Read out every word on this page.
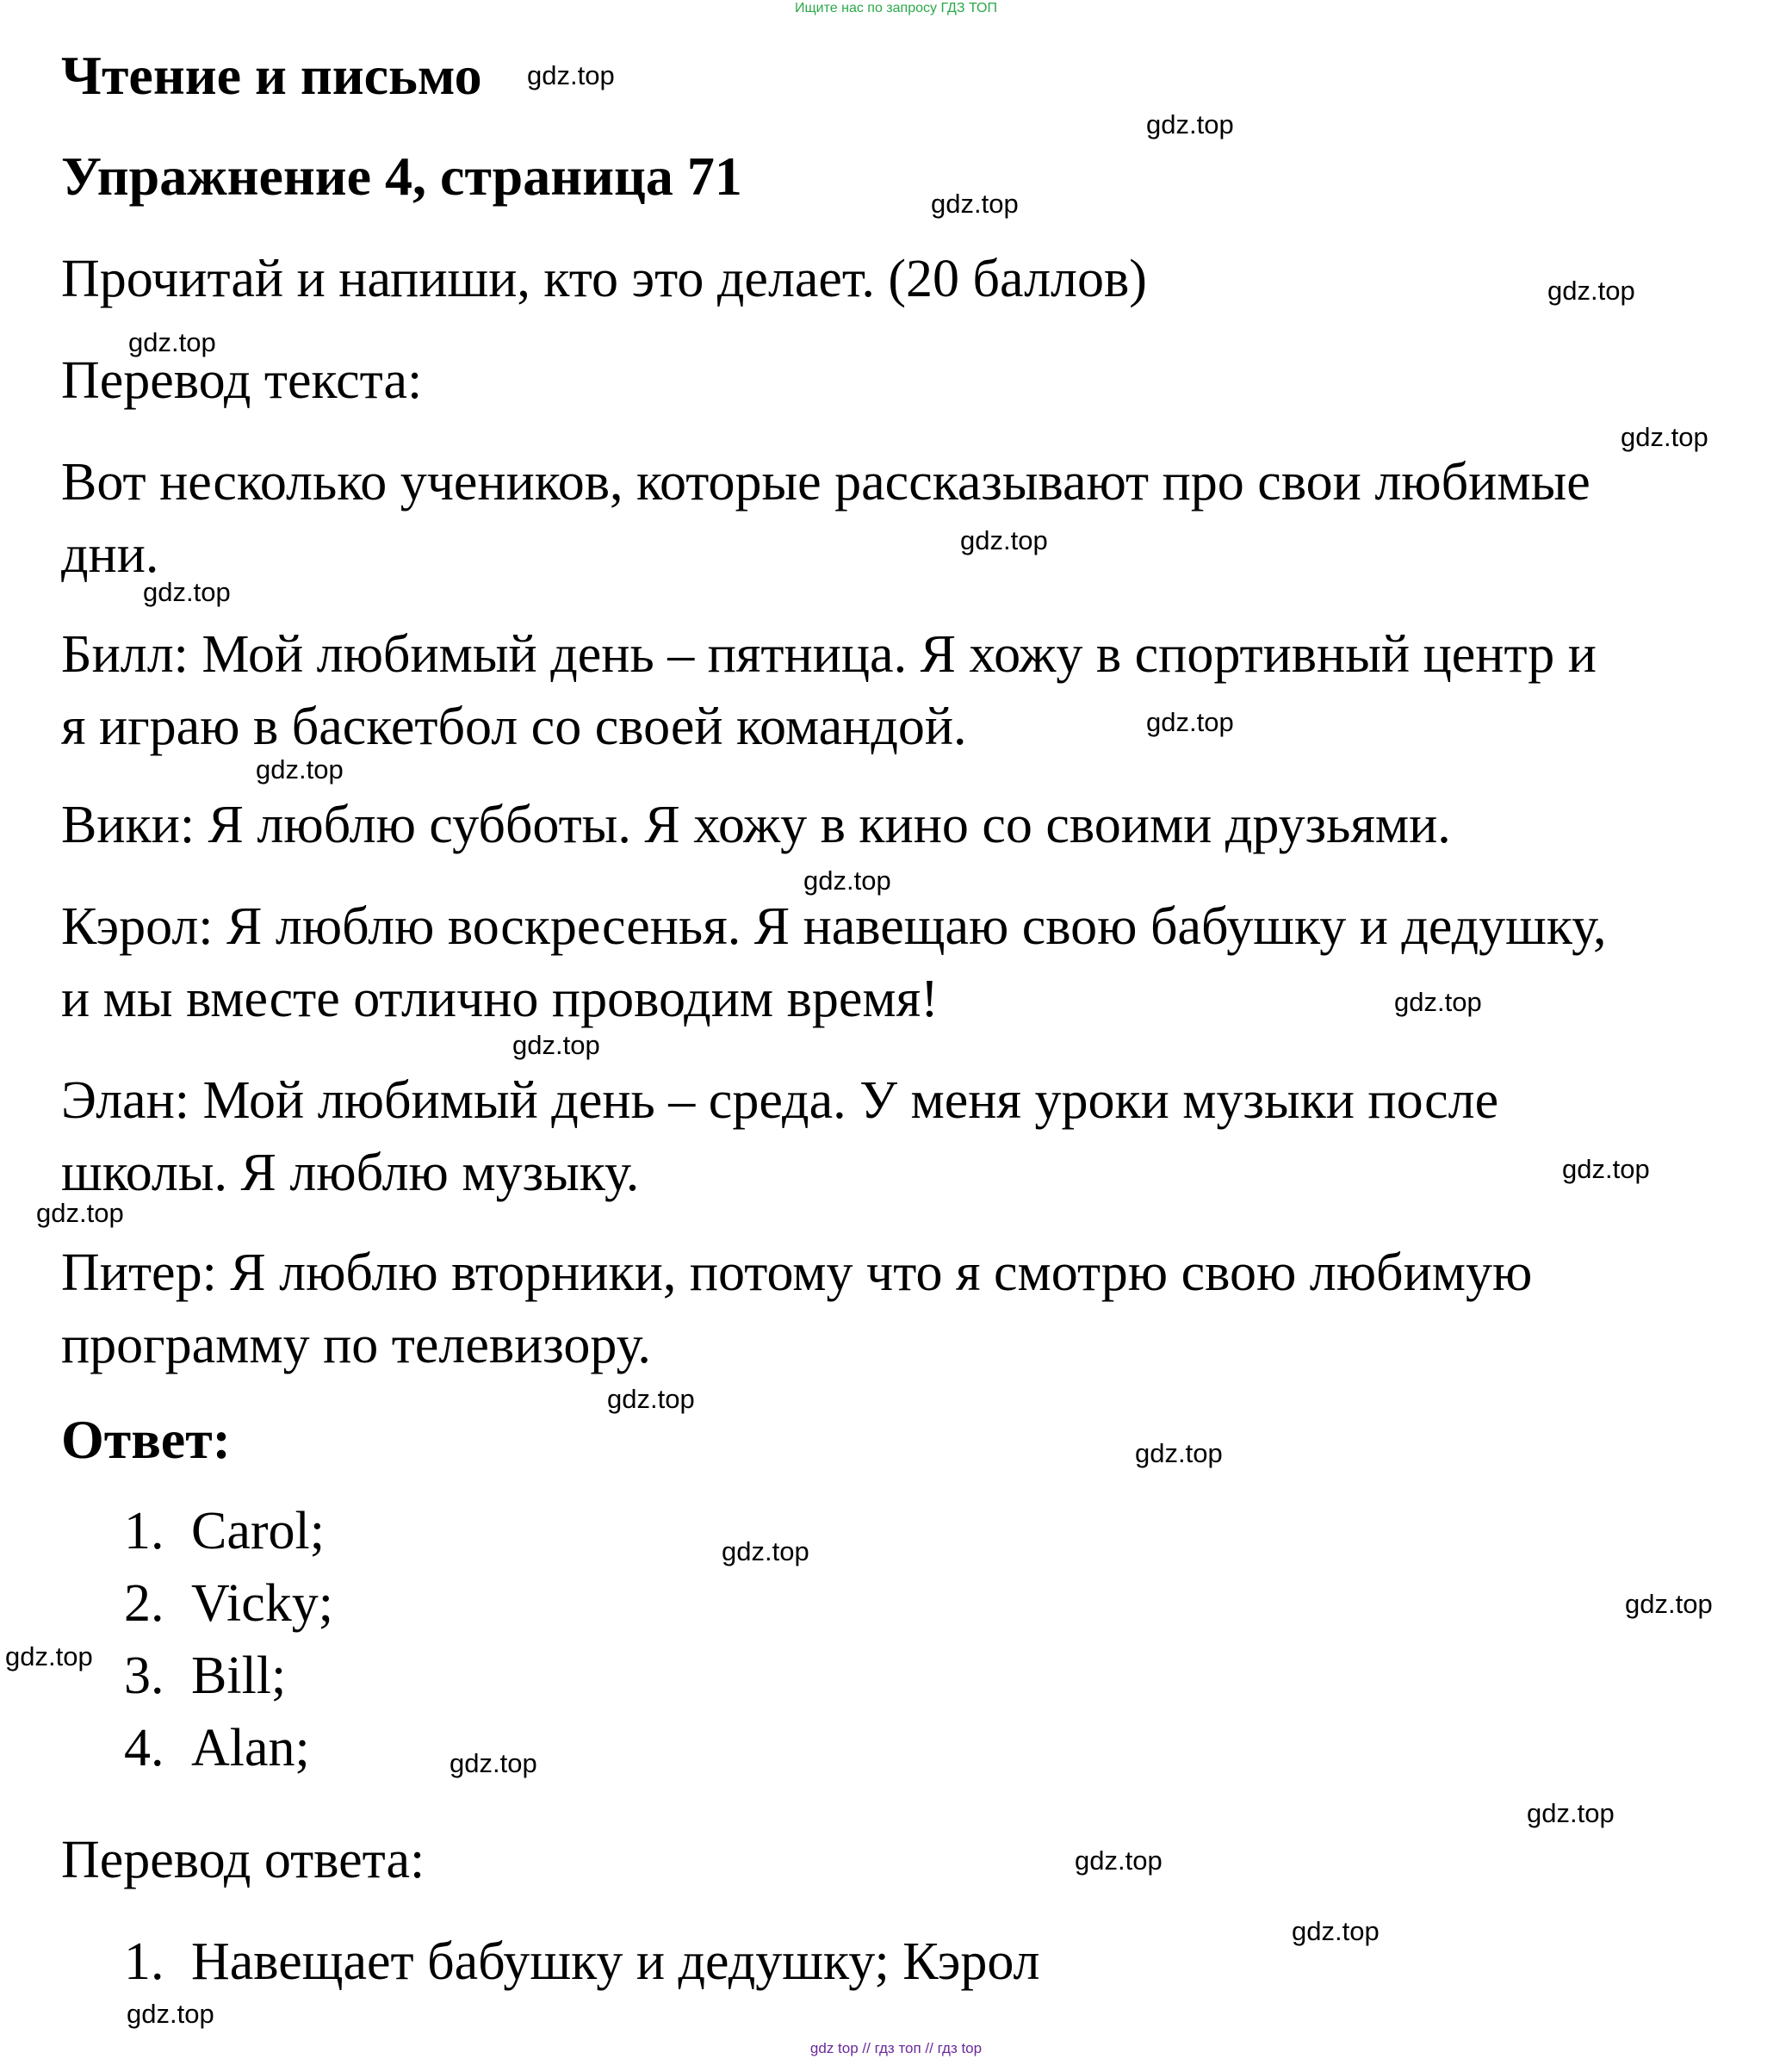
Ищите нас по запросу ГДЗ ТОП
Чтение и письмо
Упражнение 4, страница 71
Прочитай и напиши, кто это делает. (20 баллов)
Перевод текста:
Вот несколько учеников, которые рассказывают про свои любимые
дни.
Билл: Мой любимый день – пятница. Я хожу в спортивный центр и
я играю в баскетбол со своей командой.
Вики: Я люблю субботы. Я хожу в кино со своими друзьями.
Кэрол: Я люблю воскресенья. Я навещаю свою бабушку и дедушку,
и мы вместе отлично проводим время!
Элан: Мой любимый день – среда. У меня уроки музыки после
школы. Я люблю музыку.
Питер: Я люблю вторники, потому что я смотрю свою любимую
программу по телевизору.
Ответ:
1. Carol;
2. Vicky;
3. Bill;
4. Alan;
Перевод ответа:
1. Навещает бабушку и дедушку; Кэрол
gdz.top
gdz.top
gdz.top
gdz.top
gdz.top
gdz.top
gdz.top
gdz.top
gdz.top
gdz.top
gdz.top
gdz.top
gdz.top
gdz.top
gdz.top
gdz.top
gdz.top
gdz.top
gdz.top
gdz.top
gdz.top
gdz.top
gdz.top
gdz.top
gdz.top
gdz top // гдз топ // гдз top
